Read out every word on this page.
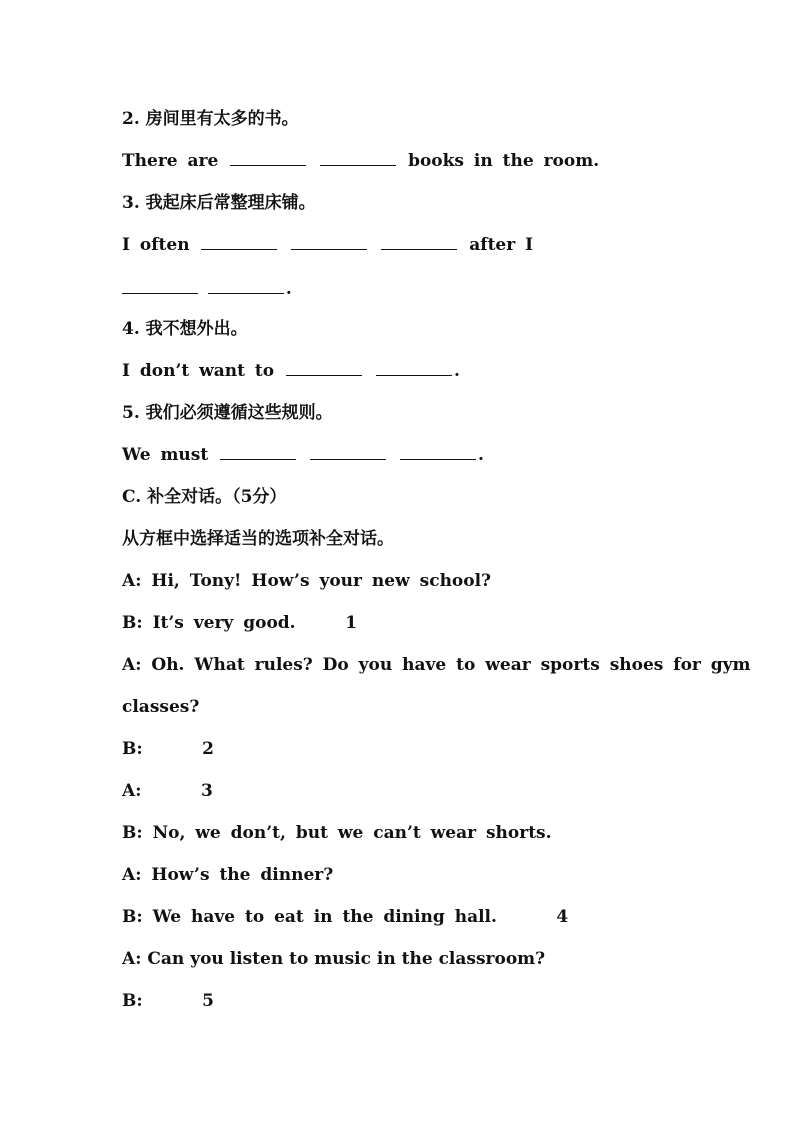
2. 房间里有太多的书。
There are	books in the room.
3. 我起床后常整理床铺。
I often	after I
.
4. 我不想外出。
I don’t want to	.
5. 我们必须遵循这些规则。
We must	.
C. 补全对话。（5分）
从方框中选择适当的选项补全对话。
A: Hi, Tony! How’s your new school?
B: It’s very good.     1
A: Oh. What rules? Do you have to wear sports shoes for gym
classes?
B:      2
A:      3
B: No, we don’t, but we can’t wear shorts.
A: How’s the dinner?
B: We have to eat in the dining hall.      4
A: Can you listen to music in the classroom?
B:      5
